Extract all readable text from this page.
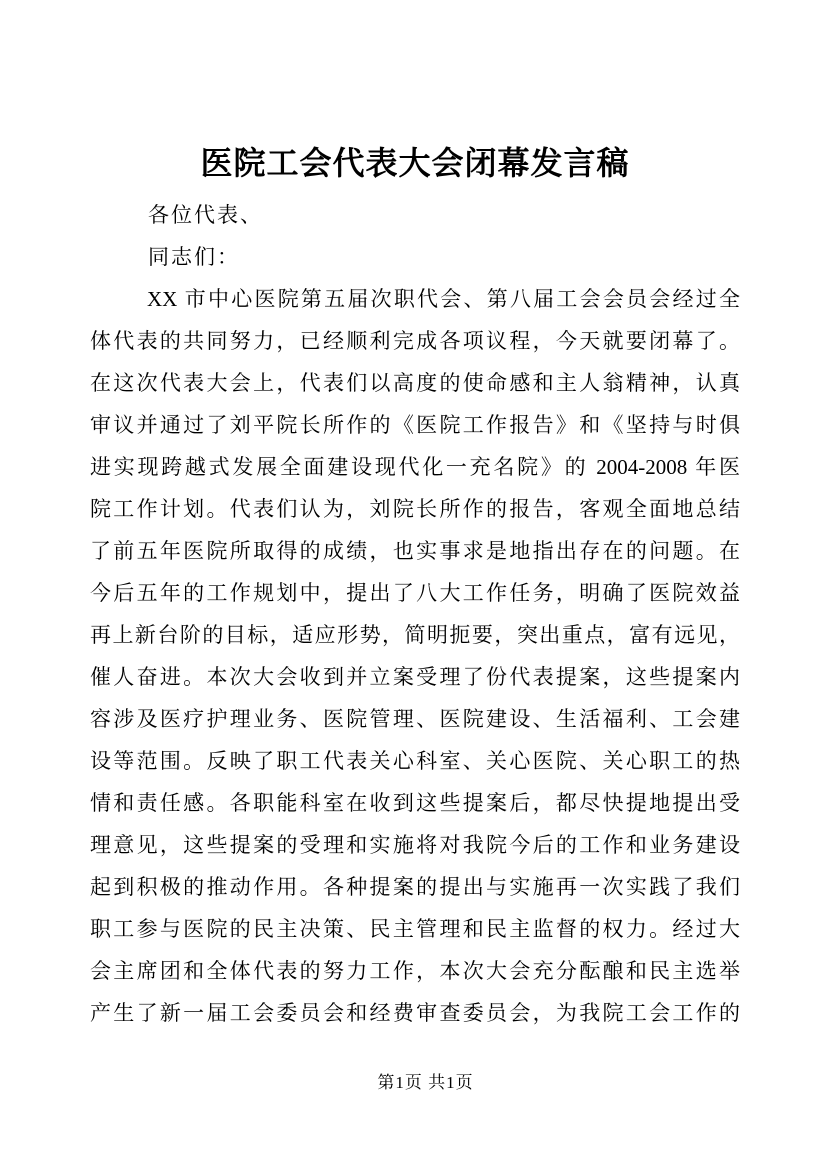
医院工会代表大会闭幕发言稿
各位代表、
同志们：
XX 市中心医院第五届次职代会、第八届工会会员会经过全
体代表的共同努力，已经顺利完成各项议程，今天就要闭幕了。
在这次代表大会上，代表们以高度的使命感和主人翁精神，认真
审议并通过了刘平院长所作的《医院工作报告》和《坚持与时俱
进实现跨越式发展全面建设现代化一充名院》的 2004-2008 年医
院工作计划。代表们认为，刘院长所作的报告，客观全面地总结
了前五年医院所取得的成绩，也实事求是地指出存在的问题。在
今后五年的工作规划中，提出了八大工作任务，明确了医院效益
再上新台阶的目标，适应形势，简明扼要，突出重点，富有远见，
催人奋进。本次大会收到并立案受理了份代表提案，这些提案内
容涉及医疗护理业务、医院管理、医院建设、生活福利、工会建
设等范围。反映了职工代表关心科室、关心医院、关心职工的热
情和责任感。各职能科室在收到这些提案后，都尽快提地提出受
理意见，这些提案的受理和实施将对我院今后的工作和业务建设
起到积极的推动作用。各种提案的提出与实施再一次实践了我们
职工参与医院的民主决策、民主管理和民主监督的权力。经过大
会主席团和全体代表的努力工作，本次大会充分酝酿和民主选举
产生了新一届工会委员会和经费审查委员会，为我院工会工作的
第1页 共1页
